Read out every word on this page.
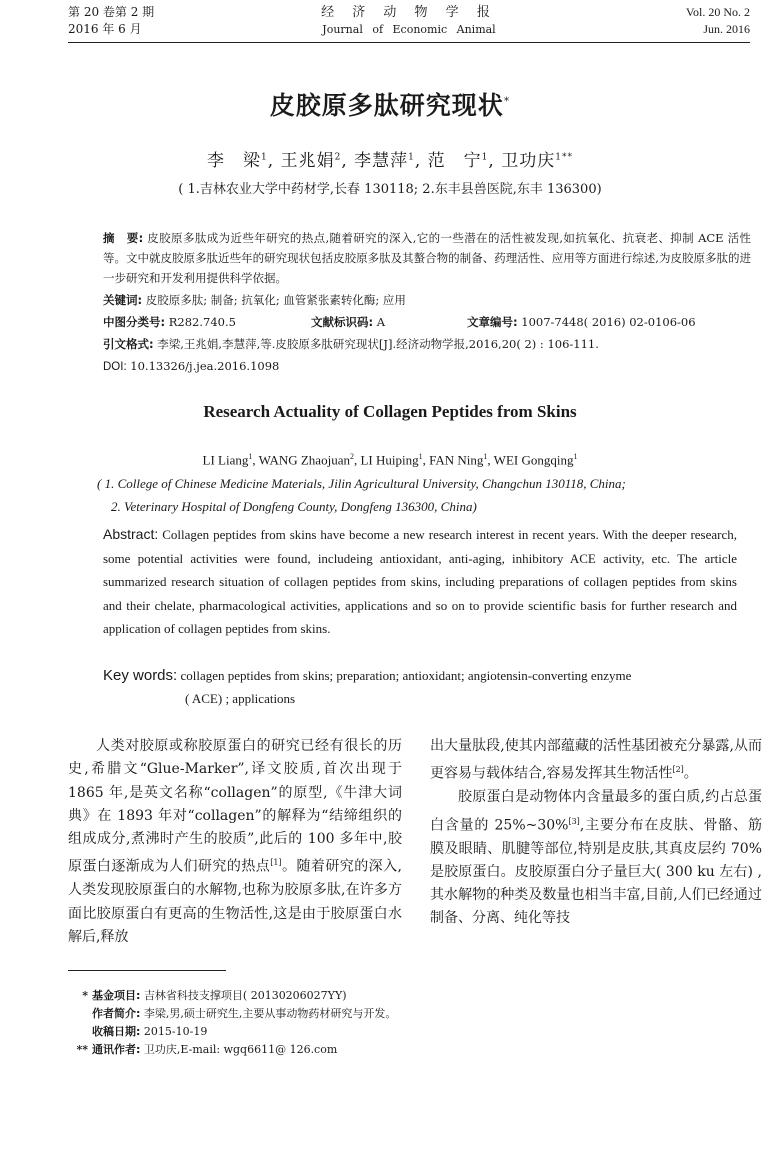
第 20 卷第 2 期
2016 年 6 月
经 济 动 物 学 报
Journal of Economic Animal
Vol. 20 No. 2
Jun. 2016
皮胶原多肽研究现状*
李　梁$^1$, 王兆娟$^2$, 李慧萍$^1$, 范　宁$^1$, 卫功庆$^{1**}$
( 1.吉林农业大学中药材学,长春 130118; 2.东丰县兽医院,东丰 136300)
摘　要: 皮胶原多肽成为近些年研究的热点,随着研究的深入,它的一些潜在的活性被发现,如抗氧化、抗衰老、抑制 ACE 活性等。文中就皮胶原多肽近些年的研究现状包括皮胶原多肽及其螯合物的制备、药理活性、应用等方面进行综述,为皮胶原多肽的进一步研究和开发利用提供科学依据。
关键词: 皮胶原多肽; 制备; 抗氧化; 血管紧张素转化酶; 应用
中图分类号: R282.740.5	文献标识码: A	文章编号: 1007-7448( 2016) 02-0106-06
引文格式: 李梁,王兆娟,李慧萍,等.皮胶原多肽研究现状[J].经济动物学报,2016,20( 2) : 106-111.
DOI: 10.13326/j.jea.2016.1098
Research Actuality of Collagen Peptides from Skins
LI Liang$^1$, WANG Zhaojuan$^2$, LI Huiping$^1$, FAN Ning$^1$, WEI Gongqing$^1$
( 1. College of Chinese Medicine Materials, Jilin Agricultural University, Changchun 130118, China;
2. Veterinary Hospital of Dongfeng County, Dongfeng 136300, China)
Abstract: Collagen peptides from skins have become a new research interest in recent years. With the deeper research, some potential activities were found, includeing antioxidant, anti-aging, inhibitory ACE activity, etc. The article summarized research situation of collagen peptides from skins, including preparations of collagen peptides from skins and their chelate, pharmacological activities, applications and so on to provide scientific basis for further research and application of collagen peptides from skins.
Key words: collagen peptides from skins; preparation; antioxidant; angiotensin-converting enzyme
( ACE) ; applications

人类对胶原或称胶原蛋白的研究已经有很长的历史,希腊文“Glue-Marker”,译文胶质,首次出现于 1865 年,是英文名称“collagen”的原型,《牛津大词典》在 1893 年对“collagen”的解释为“结缔组织的组成成分,煮沸时产生的胶质”,此后的 100 多年中,胶原蛋白逐渐成为人们研究的热点[1]。随着研究的深入,人类发现胶原蛋白的水解物,也称为胶原多肽,在许多方面比胶原蛋白有更高的生物活性,这是由于胶原蛋白水解后,释放

出大量肽段,使其内部蕴藏的活性基团被充分暴露,从而更容易与载体结合,容易发挥其生物活性[2]。

胶原蛋白是动物体内含量最多的蛋白质,约占总蛋白含量的 25%~30%[3],主要分布在皮肤、骨骼、筋膜及眼睛、肌腱等部位,特别是皮肤,其真皮层约 70% 是胶原蛋白。皮胶原蛋白分子量巨大( 300 ku 左右) ,其水解物的种类及数量也相当丰富,目前,人们已经通过制备、分离、纯化等技

* 基金项目: 吉林省科技支撑项目( 20130206027YY)
作者简介: 李梁,男,硕士研究生,主要从事动物药材研究与开发。
收稿日期: 2015-10-19
** 通讯作者: 卫功庆,E-mail: wgq6611@ 126.com
